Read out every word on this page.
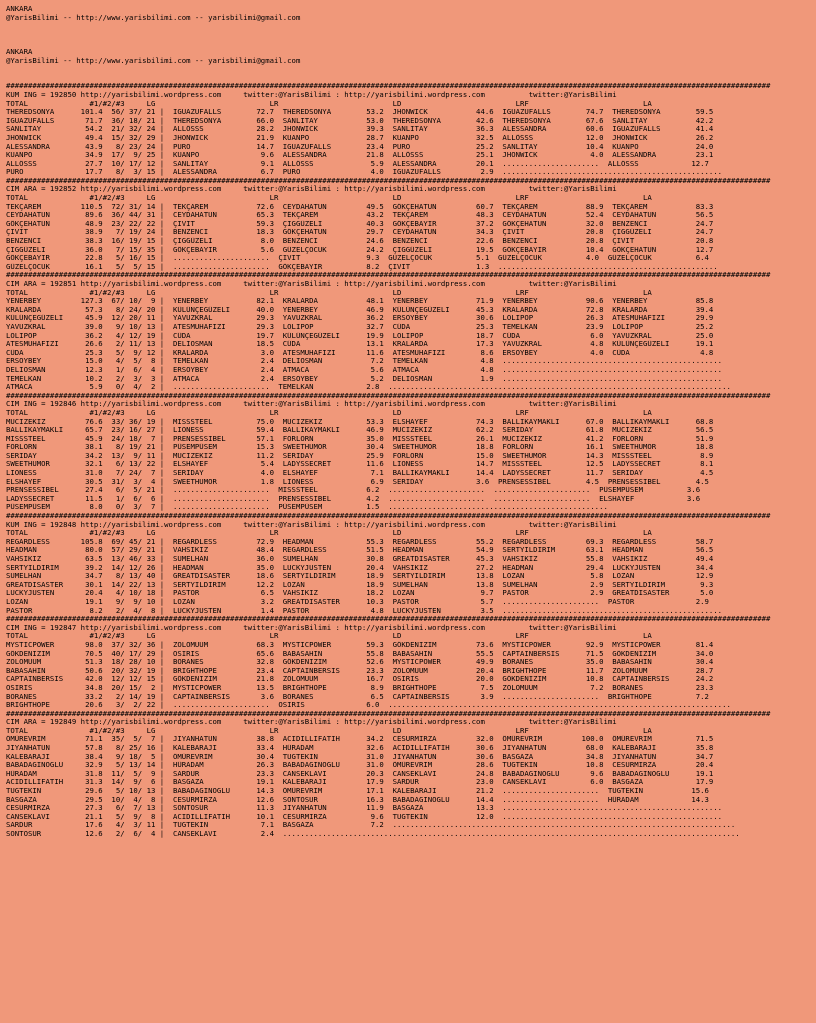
ANKARA
@YarisBilimi -- http://www.yarisbilimi.com -- yarisbilimi@gmail.com
ANKARA
@YarisBilimi -- http://www.yarisbilimi.com -- yarisbilimi@gmail.com
##############################################################################################################################################################################
KUM ING = 192850 http://yarisbilimi.wordpress.com     twitter:@YarisBilimi : http://yarisbilimi.wordpress.com          twitter:@YarisBilimi
TOTAL              #1/#2/#3     LG                          LR                          LD                          LRF                          LA
THEREDSONYA      101.4  56/ 37/ 21 |  IGUAZUFALLS        72.7  THEREDSONYA        53.2  JHONWICK           44.6  IGUAZUFALLS        74.7  THEREDSONYA        59.5
IGUAZUFALLS       71.7  36/ 18/ 21 |  THEREDSONYA        66.0  SANLITAY           53.0  THEREDSONYA        42.6  THEREDSONYA        67.6  SANLITAY           42.2
SANLITAY          54.2  21/ 32/ 24 |  ALLÖSSS            28.2  JHONWICK           39.3  SANLITAY           36.3  ALESSANDRA         60.6  IGUAZUFALLS        41.4
JHONWICK          49.4  15/ 32/ 29 |  JHONWICK           21.9  KUANPO             28.7  KUANPO             32.5  ALLÖSSS            12.0  JHONWICK           26.2
ALESSANDRA        43.9   8/ 23/ 24 |  PURO               14.7  IGUAZUFALLS        23.4  PURO               25.2  SANLITAY           10.4  KUANPO             24.0
KUANPO            34.9  17/  9/ 25 |  KUANPO              9.6  ALESSANDRA         21.8  ALLÖSSS            25.1  JHONWICK            4.0  ALESSANDRA         23.1
ALLÖSSS           27.7  10/ 17/ 12 |  SANLITAY            9.1  ALLÖSSS             5.9  ALESSANDRA         20.1  ......................  ALLÖSSS            12.7
PURO              17.7   8/  3/ 15 |  ALESSANDRA          6.7  PURO                4.0  IGUAZUFALLS         2.9  ..................................................
##############################################################################################################################################################################
CIM ARA = 192852 http://yarisbilimi.wordpress.com     twitter:@YarisBilimi : http://yarisbilimi.wordpress.com          twitter:@YarisBilimi
TOTAL              #1/#2/#3     LG                          LR                          LD                          LRF                          LA
TEKÇAREM         110.5  72/ 31/ 14 |  TEKÇAREM           72.6  CEYDAHATUN         49.5  GÖKÇEHATUN         60.7  TEKÇAREM           88.9  TEKÇAREM           83.3
CEYDAHATUN        89.6  36/ 44/ 31 |  CEYDAHATUN         65.3  TEKÇAREM           43.2  TEKÇAREM           48.3  CEYDAHATUN         52.4  CEYDAHATUN         56.5
GÖKÇEHATUN        48.9  23/ 22/ 22 |  ÇIVIT              59.3  ÇIGGÜZELI          40.3  GÖKÇEBAYIR         37.2  GÖKÇEHATUN         32.0  BENZENCI           24.7
ÇIVIT             38.9   7/ 19/ 24 |  BENZENCI           18.3  GÖKÇEHATUN         29.7  CEYDAHATUN         34.3  ÇIVIT              20.8  ÇIGGÜZELI          24.7
BENZENCI          38.3  16/ 19/ 15 |  ÇIGGÜZELI           8.0  BENZENCI           24.6  BENZENCI           22.6  BENZENCI           20.8  ÇIVIT              20.8
ÇIGGÜZELI         36.0   7/ 15/ 35 |  GÖKÇEBAYIR          5.6  GÜZELÇOCUK         24.2  ÇIGGÜZELI          19.5  GÖKÇEBAYIR         10.4  GÖKÇEHATUN         12.7
GÖKÇEBAYIR        22.8   5/ 16/ 15 |  ......................  ÇIVIT               9.3  GÜZELÇOCUK          5.1  GÜZELÇOCUK          4.0  GÜZELÇOCUK          6.4
GÜZELÇOCUK        16.1   5/  5/ 15 |  ......................  GÖKÇEBAYIR          8.2  ÇIVIT               1.3  ..................................................
##############################################################################################################################################################################
CIM ARA = 192851 http://yarisbilimi.wordpress.com     twitter:@YarisBilimi : http://yarisbilimi.wordpress.com          twitter:@YarisBilimi
TOTAL              #1/#2/#3     LG                          LR                          LD                          LRF                          LA
YENERBEY         127.3  67/ 10/  9 |  YENERBEY           82.1  KRALARDA           48.1  YENERBEY           71.9  YENERBEY           90.6  YENERBEY           85.8
KRALARDA          57.3   8/ 24/ 20 |  KÜLÜNÇEGÜZELI      40.0  YENERBEY           46.9  KÜLÜNÇEGÜZELI      45.3  KRALARDA           72.8  KRALARDA           39.4
KÜLÜNÇEGÜZELI     45.9  12/ 20/ 11 |  YAVUZKRAL          29.3  YAVUZKRAL          36.2  ERSOYBEY           30.6  LOLIPOP            26.3  ATESMUHAFIZI       29.9
YAVUZKRAL         39.0   9/ 10/ 13 |  ATESMUHAFIZI       29.3  LOLIPOP            32.7  CÜDA               25.3  TEMELKAN           23.9  LOLIPOP            25.2
LOLIPOP           36.2   4/ 12/ 19 |  CÜDA               19.7  KÜLÜNÇEGÜZELI      19.9  LOLIPOP            18.7  CÜDA                6.0  YAVUZKRAL          25.0
ATESMUHAFIZI      26.6   2/ 11/ 13 |  DELIOSMAN          18.5  CÜDA               13.1  KRALARDA           17.3  YAVUZKRAL           4.8  KÜLÜNÇEGÜZELI      19.1
CÜDA              25.3   5/  9/ 12 |  KRALARDA            3.0  ATESMUHAFIZI       11.6  ATESMUHAFIZI        8.6  ERSOYBEY            4.0  CÜDA                4.8
ERSOYBEY          15.0   4/  5/  8 |  TEMELKAN            2.4  DELIOSMAN           7.2  TEMELKAN            4.8  ..................................................
DELIOSMAN         12.3   1/  6/  4 |  ERSOYBEY            2.4  ATMACA              5.6  ATMACA              4.8  ..................................................
TEMELKAN          10.2   2/  3/  3 |  ATMACA              2.4  ERSOYBEY            5.2  DELIOSMAN           1.9  ..................................................
ATMACA             5.9   0/  4/  2 |  ......................  TEMELKAN            2.8  ..............................................................................
##############################################################################################################################################################################
CIM ING = 192846 http://yarisbilimi.wordpress.com     twitter:@YarisBilimi : http://yarisbilimi.wordpress.com          twitter:@YarisBilimi
TOTAL              #1/#2/#3     LG                          LR                          LD                          LRF                          LA
MUCIZEKIZ         76.6  33/ 36/ 19 |  MISSSTEEL          75.0  MUCIZEKIZ          53.3  ELSHAYEF           74.3  BALLIKAYMAKLI      67.0  BALLIKAYMAKLI      68.8
BALLIKAYMAKLI     65.7  23/ 16/ 27 |  LIONESS            59.4  BALLIKAYMAKLI      46.9  MUCIZEKIZ          62.2  SERIDAY            61.8  MUCIZEKIZ          56.5
MISSSTEEL         45.9  24/ 18/  7 |  PRENSESSIBEL       57.1  FORLORN            35.0  MISSSTEEL          26.1  MUCIZEKIZ          41.2  FORLORN            51.9
FORLORN           38.1   8/ 19/ 21 |  PÜSEMPÜSEM         15.3  SWEETHUMOR         30.4  SWEETHUMOR         18.8  FORLORN            16.1  SWEETHUMOR         18.8
SERIDAY           34.2  13/  9/ 11 |  MUCIZEKIZ          11.2  SERIDAY            25.9  FORLORN            15.0  SWEETHUMOR         14.3  MISSSTEEL           8.9
SWEETHUMOR        32.1   6/ 13/ 22 |  ELSHAYEF            5.4  LADYSSECRET        11.6  LIONESS            14.7  MISSSTEEL          12.5  LADYSSECRET         8.1
LIONESS           31.0   7/ 24/  7 |  SERIDAY             4.0  ELSHAYEF            7.1  BALLIKAYMAKLI      14.4  LADYSSECRET        11.7  SERIDAY             4.5
ELSHAYEF          30.5  31/  3/  4 |  SWEETHUMOR          1.8  LIONESS             6.9  SERIDAY            3.6  PRENSESSIBEL        4.5  PRENSESSIBEL        4.5
PRENSESSIBEL      27.4   6/  5/ 21 |  ......................  MISSSTEEL           6.2  ......................  ......................  PÜSEMPÜSEM          3.6
LADYSSECRET       11.5   1/  6/  6 |  ......................  PRENSESSIBEL        4.2  ......................  ......................  ELSHAYEF            3.6
PÜSEMPÜSEM         8.0   0/  3/  7 |  ......................  PÜSEMPÜSEM          1.5  ..................................................
##############################################################################################################################################################################
KUM ING = 192848 http://yarisbilimi.wordpress.com     twitter:@YarisBilimi : http://yarisbilimi.wordpress.com          twitter:@YarisBilimi
TOTAL              #1/#2/#3     LG                          LR                          LD                          LRF                          LA
REGARDLESS       105.8  69/ 45/ 21 |  REGARDLESS         72.9  HEADMAN            55.3  REGARDLESS         55.2  REGARDLESS         69.3  REGARDLESS         58.7
HEADMAN           80.0  57/ 29/ 21 |  VAHSIKIZ           48.4  REGARDLESS         51.5  HEADMAN            54.9  SERTYILDIRIM       63.1  HEADMAN            56.5
VAHSIKIZ          63.5  13/ 46/ 33 |  SUMELHAN           36.0  SUMELHAN           30.8  GREATDISASTER      45.3  VAHSIKIZ           55.8  VAHSIKIZ           49.4
SERTYILDIRIM      39.2  14/ 12/ 26 |  HEADMAN            35.0  LUCKYJUSTEN        20.4  VAHSIKIZ           27.2  HEADMAN            29.4  LUCKYJUSTEN        34.4
SUMELHAN          34.7   8/ 13/ 40 |  GREATDISASTER      18.6  SERTYILDIRIM       18.9  SERTYILDIRIM       13.8  LOZAN               5.8  LOZAN              12.9
GREATDISASTER     30.1  14/ 22/ 13 |  SERTYILDIRIM       12.2  LOZAN              18.9  SUMELHAN           13.8  SUMELHAN            2.9  SERTYILDIRIM        9.3
LUCKYJUSTEN       20.4   4/ 10/ 18 |  PASTOR              6.5  VAHSIKIZ           18.2  LOZAN               9.7  PASTOR              2.9  GREATDISASTER       5.0
LOZAN             19.1   9/  9/ 10 |  LOZAN               3.2  GREATDISASTER      10.3  PASTOR              5.7  ......................  PASTOR              2.9
PASTOR             8.2   2/  4/  8 |  LUCKYJUSTEN         1.4  PASTOR              4.8  LUCKYJUSTEN         3.5  ..................................................
##############################################################################################################################################################################
CIM ING = 192847 http://yarisbilimi.wordpress.com     twitter:@YarisBilimi : http://yarisbilimi.wordpress.com          twitter:@YarisBilimi
TOTAL              #1/#2/#3     LG                          LR                          LD                          LRF                          LA
MYSTICPOWER       98.0  37/ 32/ 36 |  ZOLOMUUM           68.3  MYSTICPOWER        59.3  GÖKDENIZIM         73.6  MYSTICPOWER        92.9  MYSTICPOWER        81.4
GÖKDENIZIM        70.5  40/ 17/ 29 |  OSIRIS             65.6  BABASAHIN          55.8  BABASAHIN          55.5  CAPTAINBERSIS      71.5  GÖKDENIZIM         34.0
ZOLOMUUM          51.3  18/ 28/ 10 |  BORANES            32.8  GÖKDENIZIM         52.6  MYSTICPOWER        49.9  BORANES            35.0  BABASAHIN          30.4
BABASAHIN         50.6  20/ 32/ 19 |  BRIGHTHOPE         23.4  CAPTAINBERSIS      23.3  ZOLOMUUM           20.4  BRIGHTHOPE         11.7  ZOLOMUUM           28.7
CAPTAINBERSIS     42.0  12/ 12/ 15 |  GÖKDENIZIM         21.8  ZOLOMUUM           16.7  OSIRIS             20.0  GÖKDENIZIM         10.8  CAPTAINBERSIS      24.2
OSIRIS            34.8  20/ 15/  2 |  MYSTICPOWER        13.5  BRIGHTHOPE          8.9  BRIGHTHOPE          7.5  ZOLOMUUM            7.2  BORANES            23.3
BORANES           33.2   2/ 14/ 19 |  CAPTAINBERSIS       3.6  BORANES             6.5  CAPTAINBERSIS       3.9  ......................  BRIGHTHOPE          7.2
BRIGHTHOPE        20.6   3/  2/ 22 |  ......................  OSIRIS              6.0  ..............................................................................
##############################################################################################################################################################################
CIM ARA = 192849 http://yarisbilimi.wordpress.com     twitter:@YarisBilimi : http://yarisbilimi.wordpress.com          twitter:@YarisBilimi
TOTAL              #1/#2/#3     LG                          LR                          LD                          LRF                          LA
ÖMÜREVRIM         71.1  35/  5/  7 |  JIYANHATUN         38.8  ACIDILLIFATIH      34.2  CESURMIRZA         32.0  ÖMÜREVRIM         100.0  ÖMÜREVRIM          71.5
JIYANHATUN        57.8   8/ 25/ 16 |  KALEBARAJI         33.4  HÜRADAM            32.6  ACIDILLIFATIH      30.6  JIYANHATUN         68.0  KALEBARAJI         35.8
KALEBARAJI        38.4   9/ 18/  5 |  ÖMÜREVRIM          30.4  TUGTEKIN           31.0  JIYANHATUN         30.6  BASGAZA            34.8  JIYANHATUN         34.7
BABADAGINOGLU     32.9   5/ 13/ 14 |  HÜRADAM            26.3  BABADAGINOGLU      31.0  ÖMÜREVRIM          28.6  TUGTEKIN           10.8  CESURMIRZA         20.4
HÜRADAM           31.8  11/  5/  9 |  SARDUR             23.3  CANSEKLAVI         20.3  CANSEKLAVI         24.8  BABADAGINOGLU       9.6  BABADAGINOGLU      19.1
ACIDILLIFATIH     31.3  14/  9/  6 |  BASGAZA            19.1  KALEBARAJI         17.9  SARDUR             23.0  CANSEKLAVI          6.0  BASGAZA            17.9
TUGTEKIN          29.6   5/ 10/ 13 |  BABADAGINOGLU      14.3  ÖMÜREVRIM          17.1  KALEBARAJI         21.2  ......................  TUGTEKIN           15.6
BASGAZA           29.5  10/  4/  8 |  CESURMIRZA         12.6  SONTOSUR           16.3  BABADAGINOGLU      14.4  ......................  HÜRADAM            14.3
CESURMIRZA        27.3   6/  7/ 13 |  SONTOSUR           11.3  JIYANHATUN         11.9  BASGAZA            13.3  ..................................................
CANSEKLAVI        21.1   5/  9/  8 |  ACIDILLIFATIH      10.1  CESURMIRZA          9.6  TUGTEKIN           12.0  ..................................................
SARDUR            17.6   4/  3/ 11 |  TUGTEKIN            7.1  BASGAZA             7.2  ..............................................................................
SONTOSUR          12.6   2/  6/  4 |  CANSEKLAVI          2.4  ........................................................................................................
